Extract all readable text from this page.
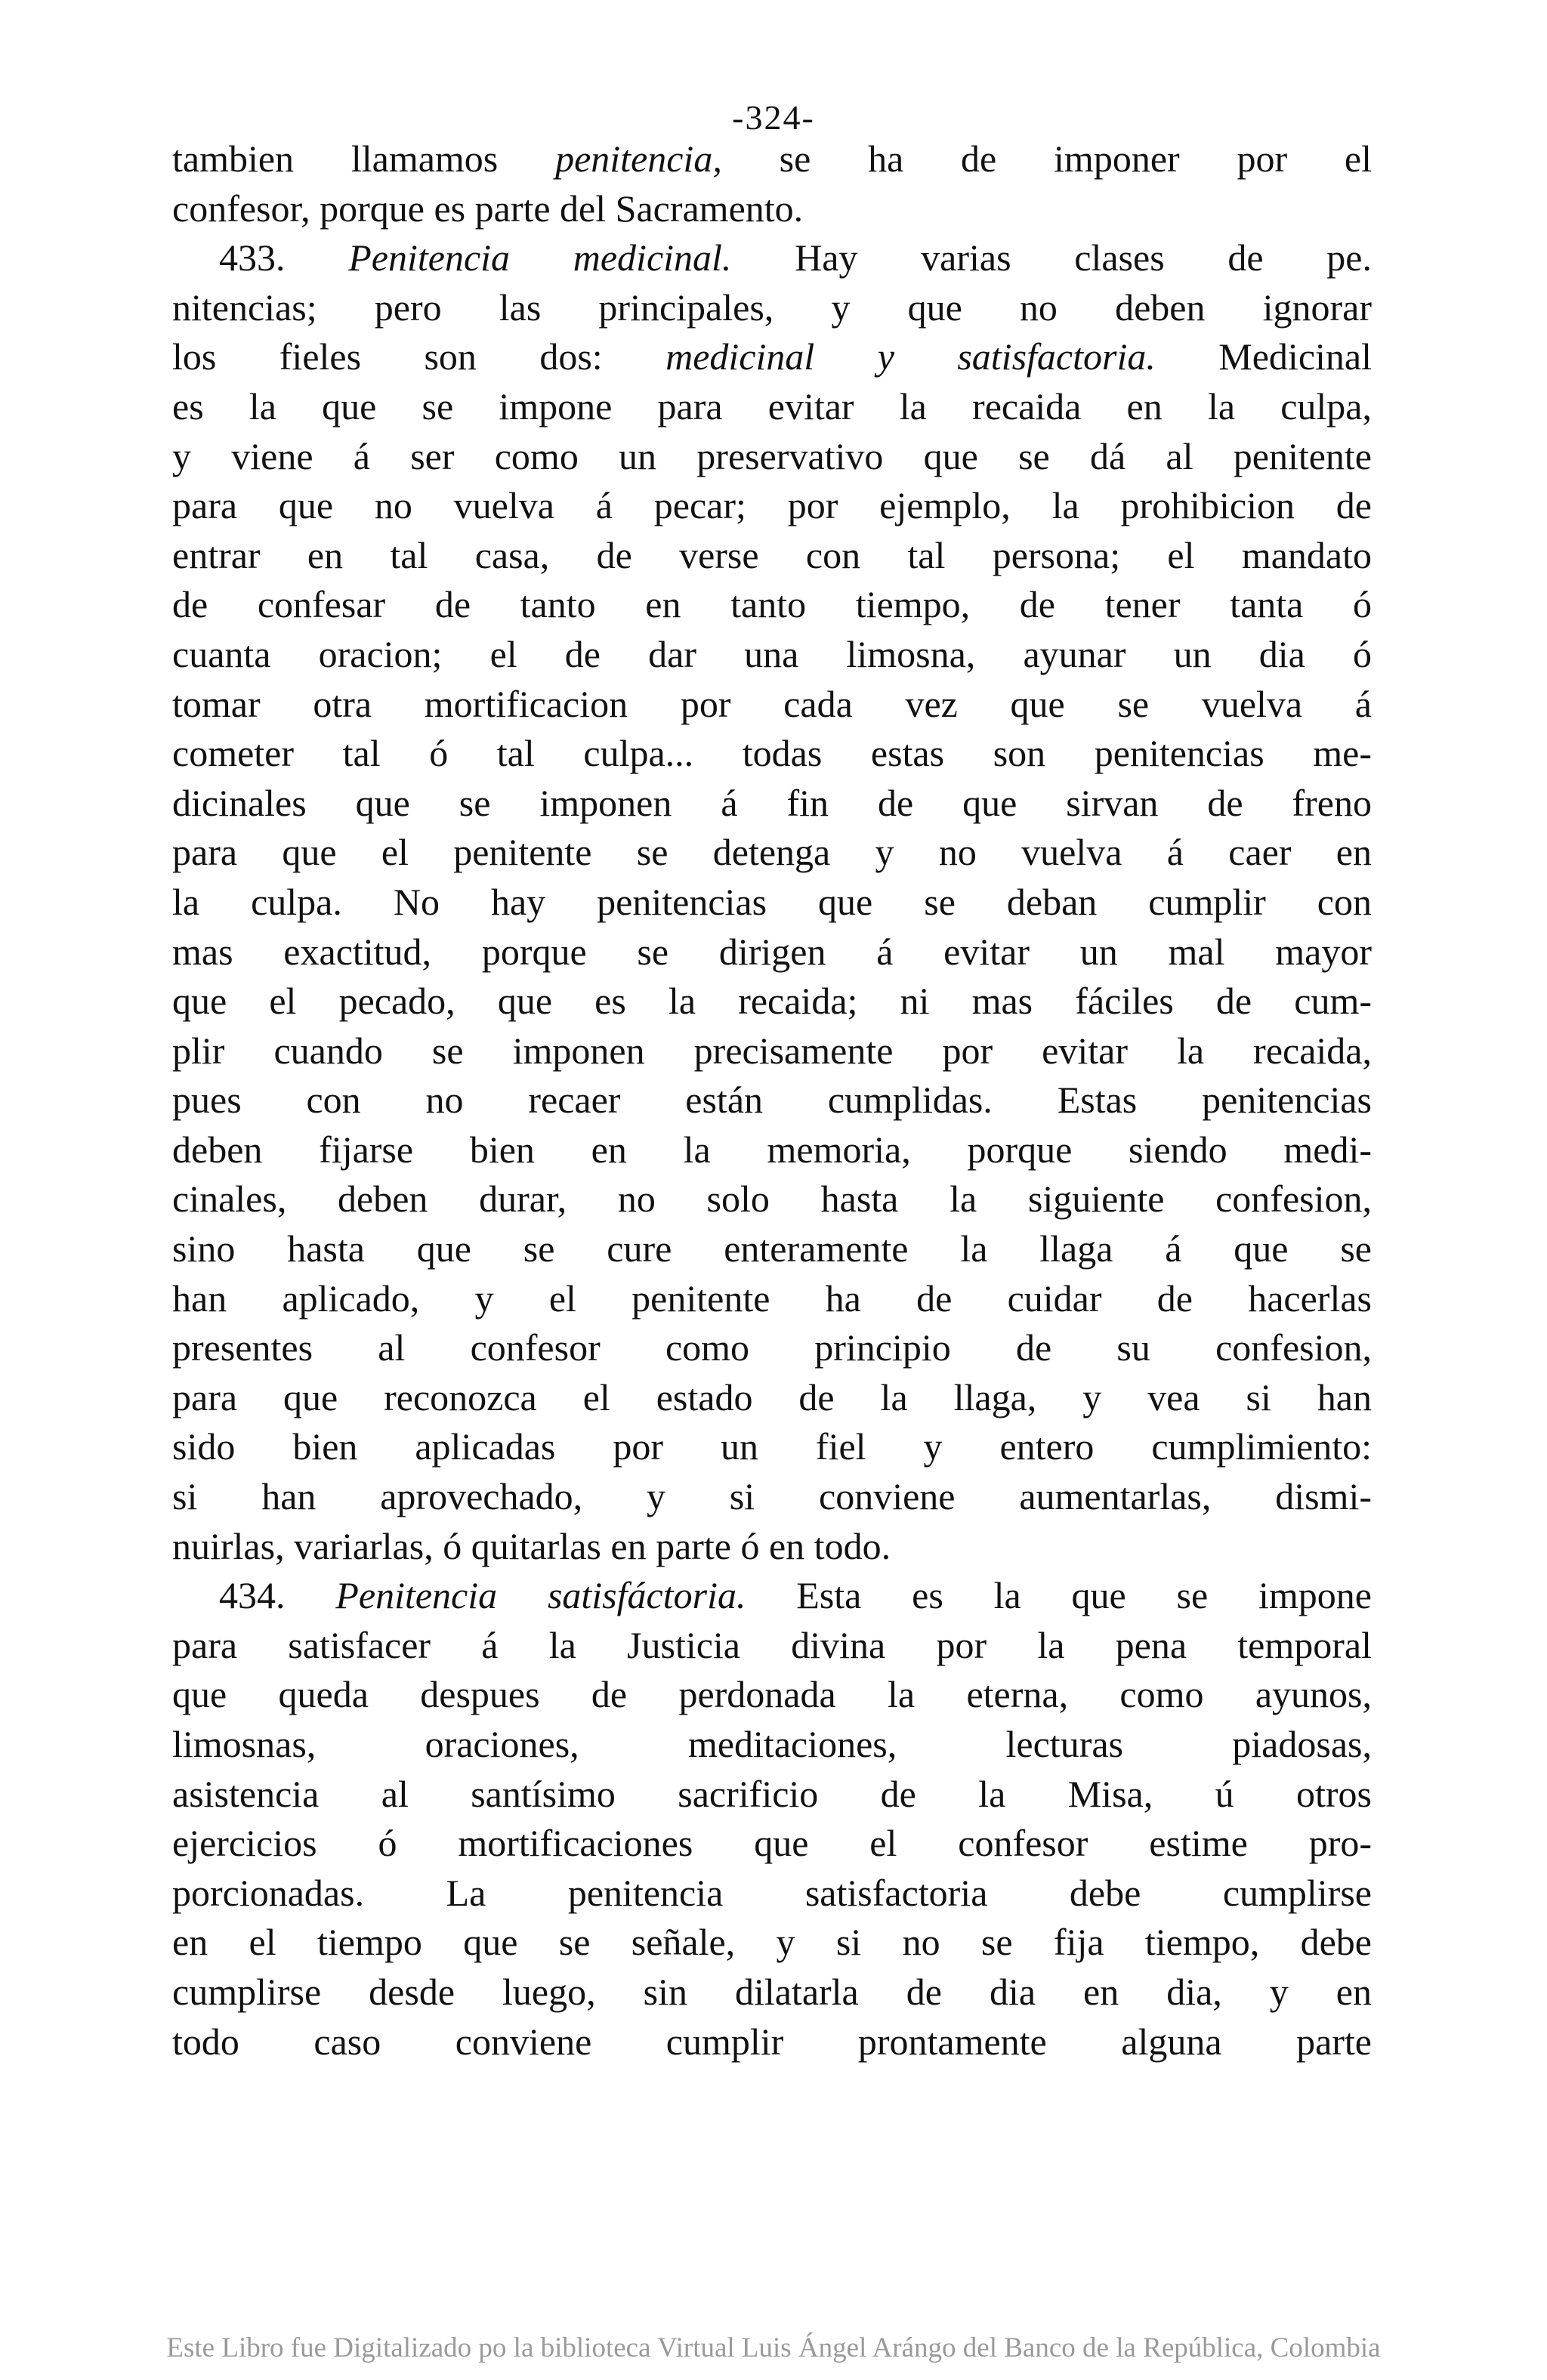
-324-
tambien llamamos penitencia, se ha de imponer por el
confesor, porque es parte del Sacramento.
433. Penitencia medicinal. Hay varias clases de pe.
nitencias; pero las principales, y que no deben ignorar
los fieles son dos: medicinal y satisfactoria. Medicinal
es la que se impone para evitar la recaida en la culpa,
y viene á ser como un preservativo que se dá al penitente
para que no vuelva á pecar; por ejemplo, la prohibicion de
entrar en tal casa, de verse con tal persona; el mandato
de confesar de tanto en tanto tiempo, de tener tanta ó
cuanta oracion; el de dar una limosna, ayunar un dia ó
tomar otra mortificacion por cada vez que se vuelva á
cometer tal ó tal culpa... todas estas son penitencias me-
dicinales que se imponen á fin de que sirvan de freno
para que el penitente se detenga y no vuelva á caer en
la culpa. No hay penitencias que se deban cumplir con
mas exactitud, porque se dirigen á evitar un mal mayor
que el pecado, que es la recaida; ni mas fáciles de cum-
plir cuando se imponen precisamente por evitar la recaida,
pues con no recaer están cumplidas. Estas penitencias
deben fijarse bien en la memoria, porque siendo medi-
cinales, deben durar, no solo hasta la siguiente confesion,
sino hasta que se cure enteramente la llaga á que se
han aplicado, y el penitente ha de cuidar de hacerlas
presentes al confesor como principio de su confesion,
para que reconozca el estado de la llaga, y vea si han
sido bien aplicadas por un fiel y entero cumplimiento:
si han aprovechado, y si conviene aumentarlas, dismi-
nuirlas, variarlas, ó quitarlas en parte ó en todo.
434. Penitencia satisfáctoria. Esta es la que se impone
para satisfacer á la Justicia divina por la pena temporal
que queda despues de perdonada la eterna, como ayunos,
limosnas, oraciones, meditaciones, lecturas piadosas,
asistencia al santísimo sacrificio de la Misa, ú otros
ejercicios ó mortificaciones que el confesor estime pro-
porcionadas. La penitencia satisfactoria debe cumplirse
en el tiempo que se señale, y si no se fija tiempo, debe
cumplirse desde luego, sin dilatarla de dia en dia, y en
todo caso conviene cumplir prontamente alguna parte
Este Libro fue Digitalizado po la biblioteca Virtual Luis Ángel Arángo del Banco de la República, Colombia
